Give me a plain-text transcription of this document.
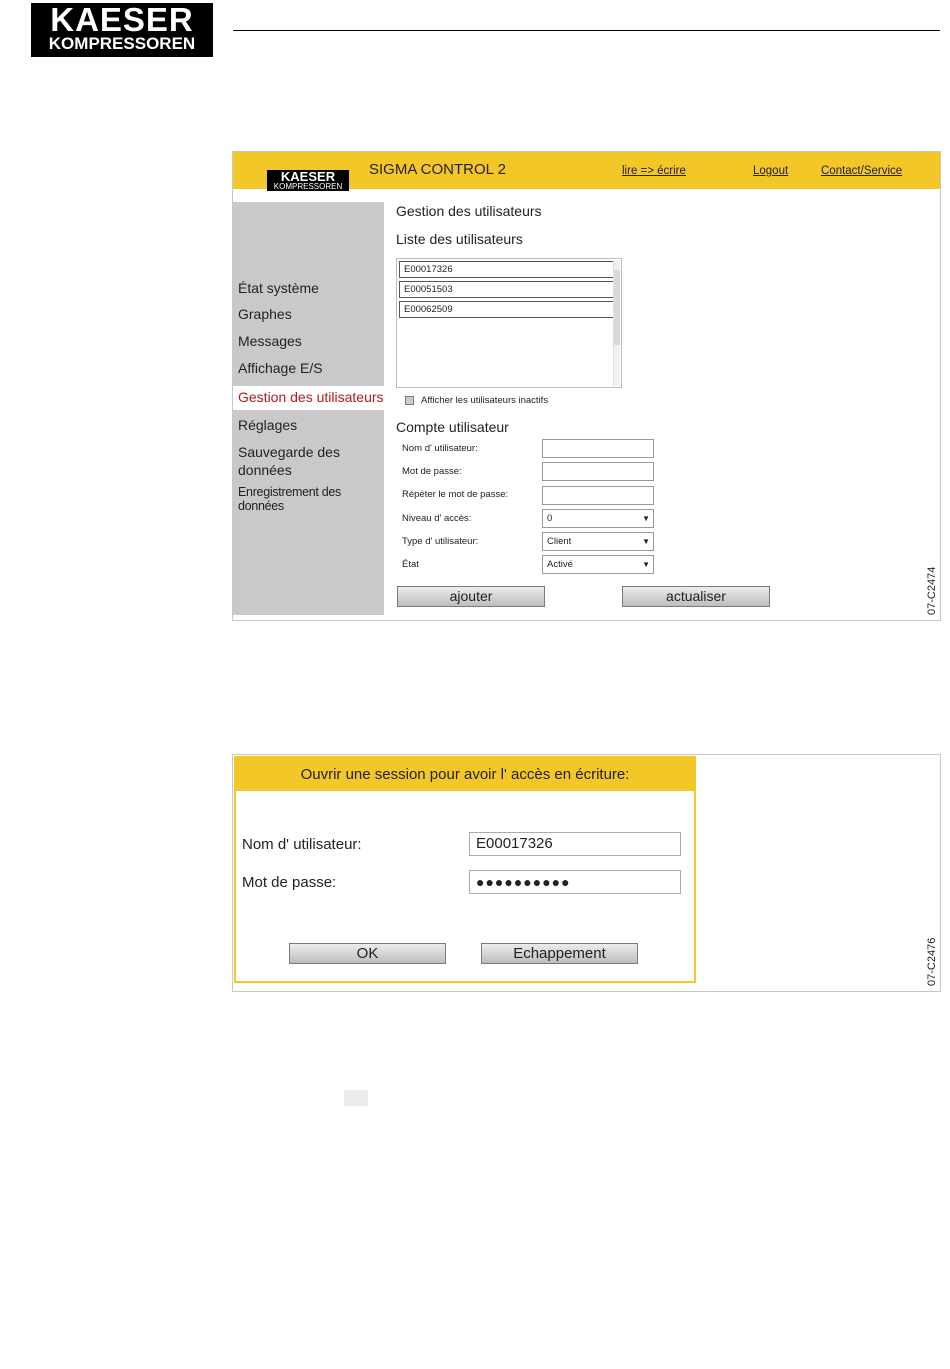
KAESER
KOMPRESSOREN
KAESER
KOMPRESSOREN
SIGMA CONTROL 2	lire => écrire	Logout	Contact/Service
État système
Graphes
Messages
Affichage E/S
Gestion des utilisateurs
Réglages
Sauvegarde des
données
Enregistrement des données
Gestion des utilisateurs
Liste des utilisateurs
E00017326
E00051503
E00062509
Afficher les utilisateurs inactifs
Compte utilisateur
Nom d' utilisateur:
Mot de passe:
Répéter le mot de passe:
Niveau d' accès:	0	▼
Type d' utilisateur:	Client	▼
État	Activé	▼
ajouter	actualiser	07-C2474
Ouvrir une session pour avoir l' accès en écriture:
Nom d' utilisateur:	E00017326
Mot de passe:	●●●●●●●●●●
OK	Echappement	07-C2476
